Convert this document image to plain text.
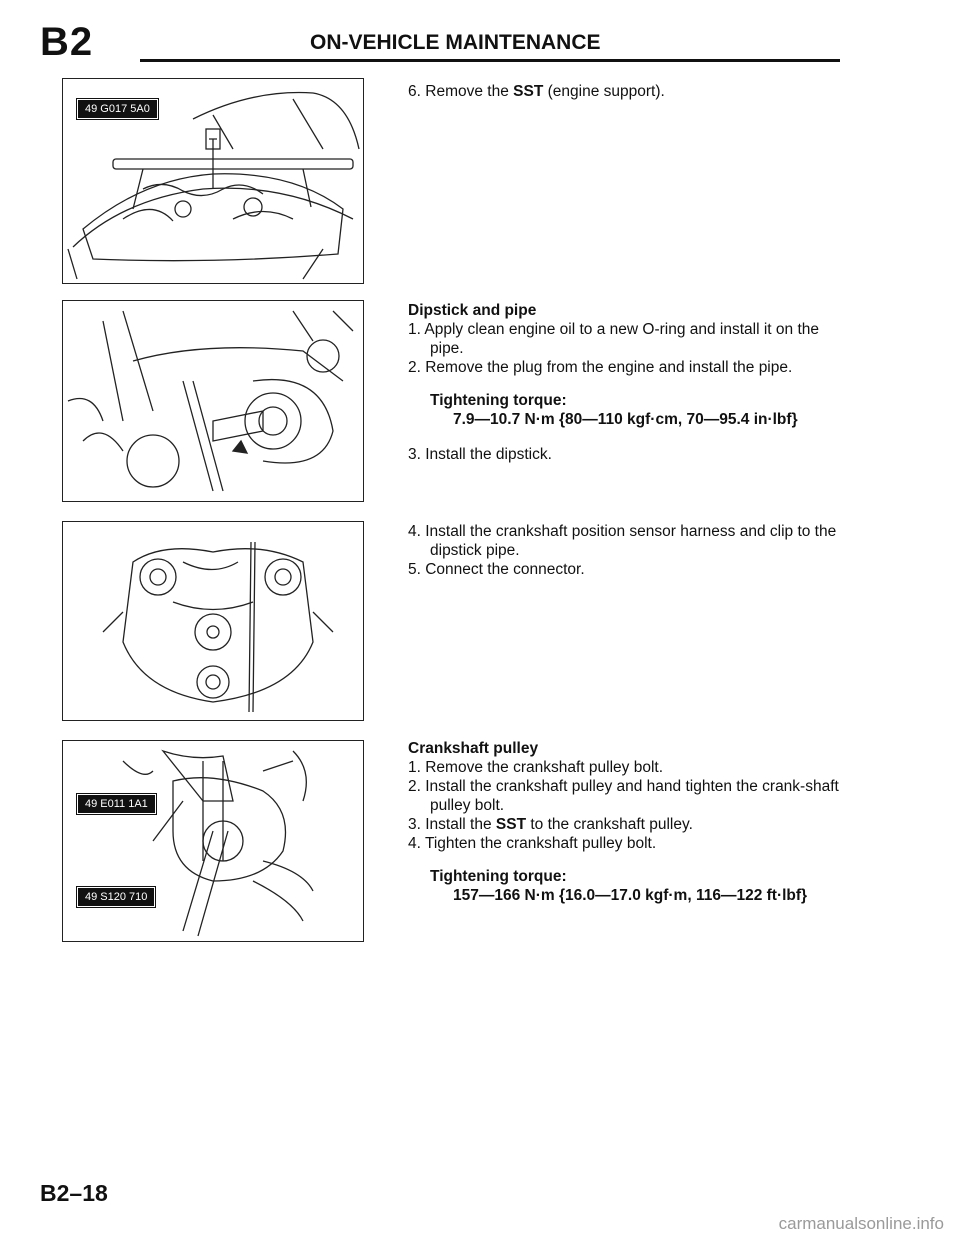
B2	ON-VEHICLE MAINTENANCE
49 G017 5A0
49 E011 1A1
49 S120 710

6. Remove the SST (engine support).

Dipstick and pipe

1. Apply clean engine oil to a new O-ring and install it on the pipe.

2. Remove the plug from the engine and install the pipe.

Tightening torque:

7.9—10.7 N·m {80—110 kgf·cm, 70—95.4 in·lbf}

3. Install the dipstick.

4. Install the crankshaft position sensor harness and clip to the dipstick pipe.

5. Connect the connector.

Crankshaft pulley

1. Remove the crankshaft pulley bolt.

2. Install the crankshaft pulley and hand tighten the crank-shaft pulley bolt.

3. Install the SST to the crankshaft pulley.

4. Tighten the crankshaft pulley bolt.

Tightening torque:

157—166 N·m {16.0—17.0 kgf·m, 116—122 ft·lbf}

B2–18
carmanualsonline.info
